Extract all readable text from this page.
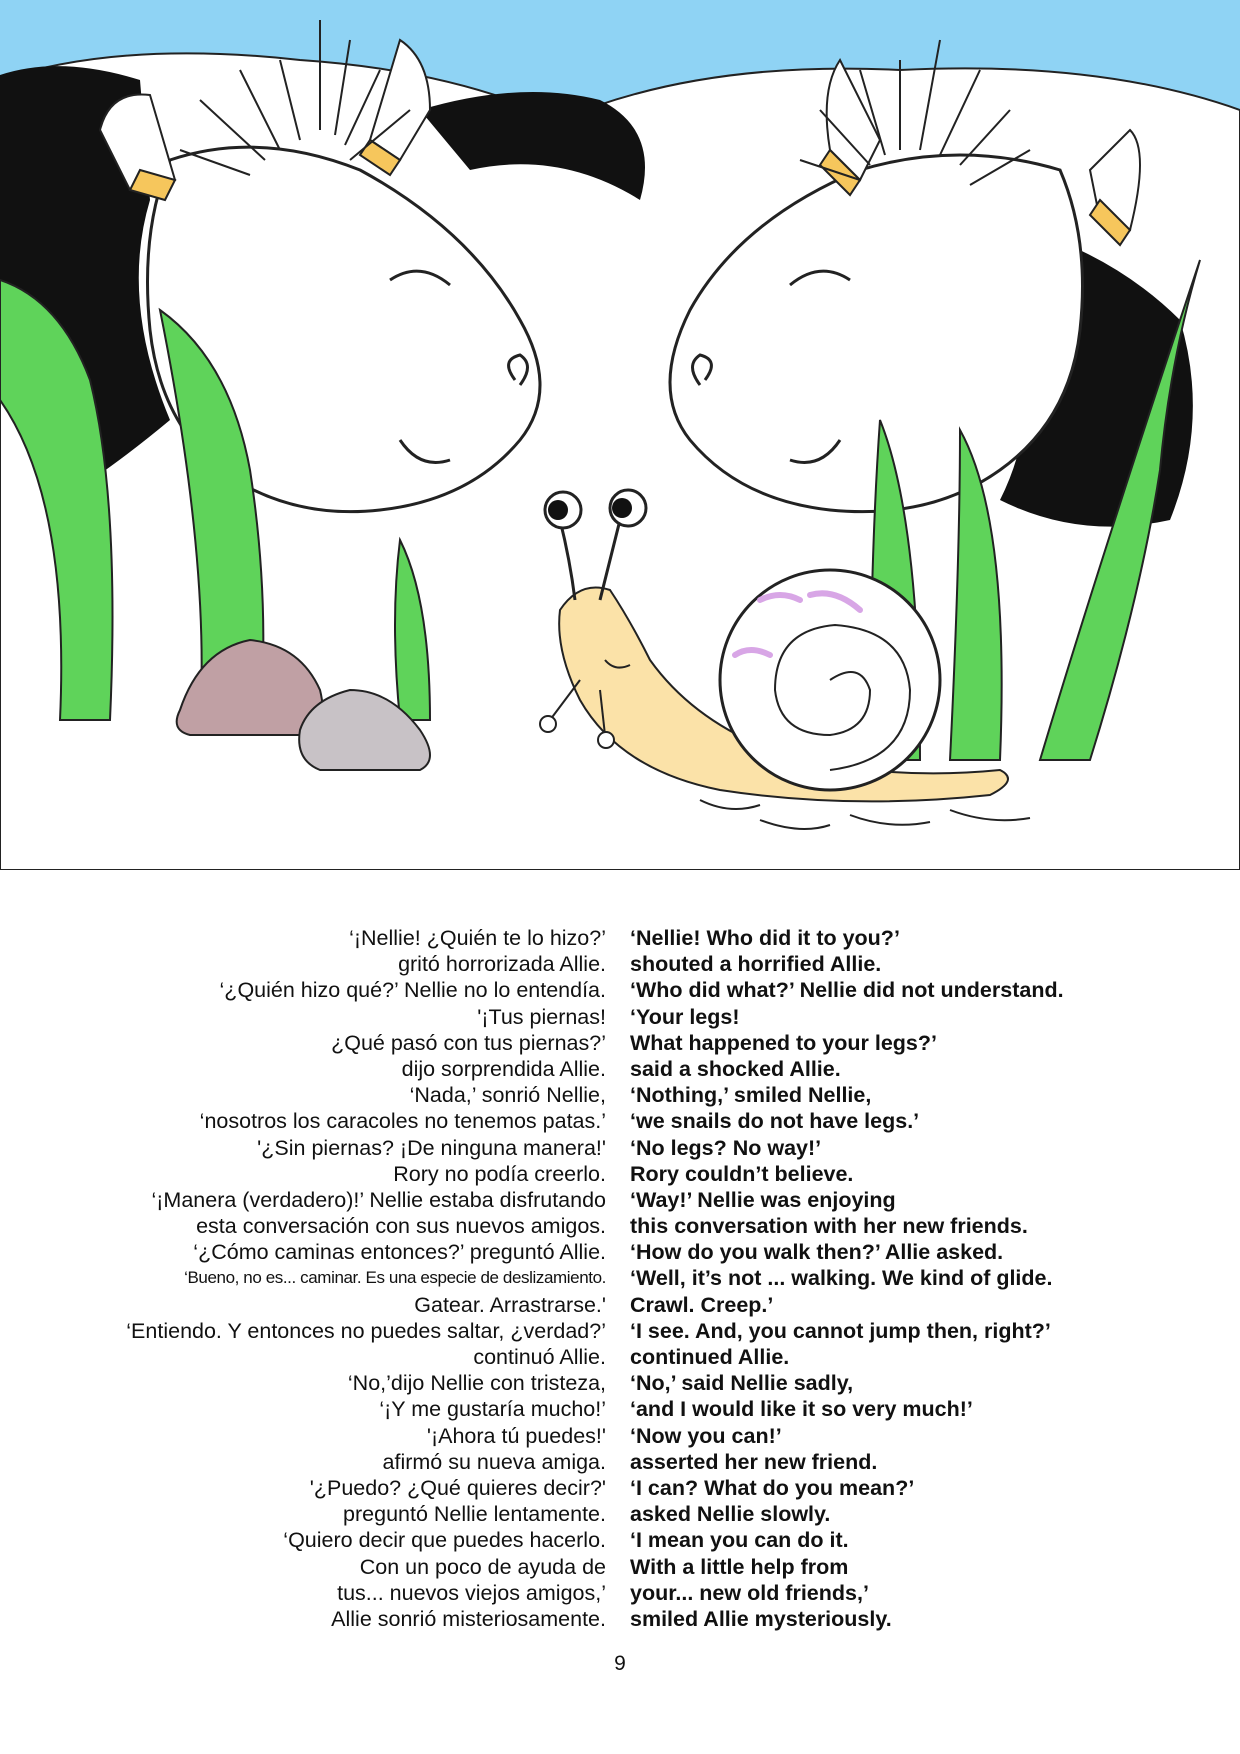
‘¡Nellie! ¿Quién te lo hizo?’ ‘Nellie! Who did it to you?’
gritó horrorizada Allie. shouted a horrified Allie.
‘¿Quién hizo qué?’ Nellie no lo entendía. ‘Who did what?’ Nellie did not understand.
'¡Tus piernas! ‘Your legs!
¿Qué pasó con tus piernas?’ What happened to your legs?’
dijo sorprendida Allie. said a shocked Allie.
‘Nada,’ sonrió Nellie, ‘Nothing,’ smiled Nellie,
‘nosotros los caracoles no tenemos patas.’ ‘we snails do not have legs.’
'¿Sin piernas? ¡De ninguna manera!' ‘No legs? No way!’
Rory no podía creerlo. Rory couldn’t believe.
‘¡Manera (verdadero)!’ Nellie estaba disfrutando ‘Way!’ Nellie was enjoying
esta conversación con sus nuevos amigos. this conversation with her new friends.
‘¿Cómo caminas entonces?’ preguntó Allie. ‘How do you walk then?’ Allie asked.
‘Bueno, no es... caminar. Es una especie de deslizamiento. ‘Well, it’s not ... walking. We kind of glide.
Gatear. Arrastrarse.' Crawl. Creep.’
‘Entiendo. Y entonces no puedes saltar, ¿verdad?’ ‘I see. And, you cannot jump then, right?’
continuó Allie. continued Allie.
‘No,’dijo Nellie con tristeza, ‘No,’ said Nellie sadly,
‘¡Y me gustaría mucho!’ ‘and I would like it so very much!’
'¡Ahora tú puedes!' ‘Now you can!’
afirmó su nueva amiga. asserted her new friend.
'¿Puedo? ¿Qué quieres decir?' ‘I can? What do you mean?’
preguntó Nellie lentamente. asked Nellie slowly.
‘Quiero decir que puedes hacerlo. ‘I mean you can do it.
Con un poco de ayuda de With a little help from
tus... nuevos viejos amigos,’ your... new old friends,’
Allie sonrió misteriosamente. smiled Allie mysteriously.
9
